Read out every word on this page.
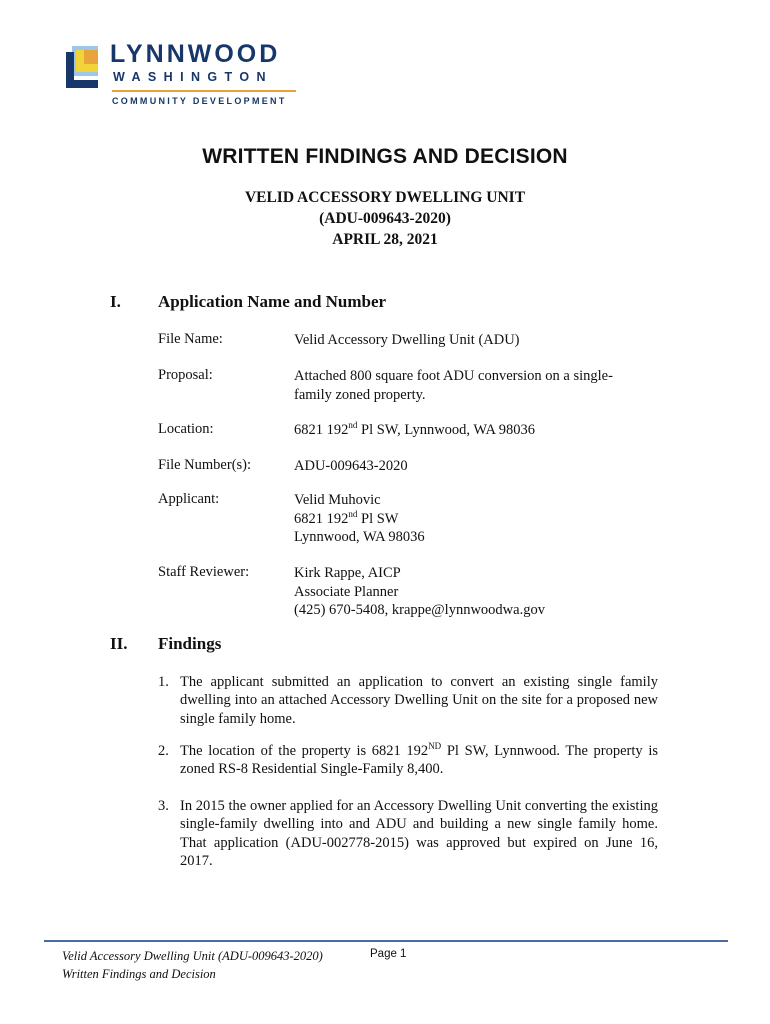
LYNNWOOD
WASHINGTON
COMMUNITY DEVELOPMENT
WRITTEN FINDINGS AND DECISION
VELID ACCESSORY DWELLING UNIT
(ADU-009643-2020)
APRIL 28, 2021
I. Application Name and Number
File Name:	Velid Accessory Dwelling Unit (ADU)
Proposal:	Attached 800 square foot ADU conversion on a single-
family zoned property.
Location:	6821 192nd Pl SW, Lynnwood, WA 98036
File Number(s):	ADU-009643-2020
Applicant:	Velid Muhovic
6821 192nd Pl SW
Lynnwood, WA 98036
Staff Reviewer:	Kirk Rappe, AICP
Associate Planner
(425) 670-5408, krappe@lynnwoodwa.gov
II. Findings
1. The applicant submitted an application to convert an existing single family dwelling into an attached Accessory Dwelling Unit on the site for a proposed new single family home.
2. The location of the property is 6821 192ND Pl SW, Lynnwood. The property is zoned RS-8 Residential Single-Family 8,400.
3. In 2015 the owner applied for an Accessory Dwelling Unit converting the existing single-family dwelling into and ADU and building a new single family home. That application (ADU-002778-2015) was approved but expired on June 16, 2017.
Velid Accessory Dwelling Unit (ADU-009643-2020)
Written Findings and Decision
Page 1
